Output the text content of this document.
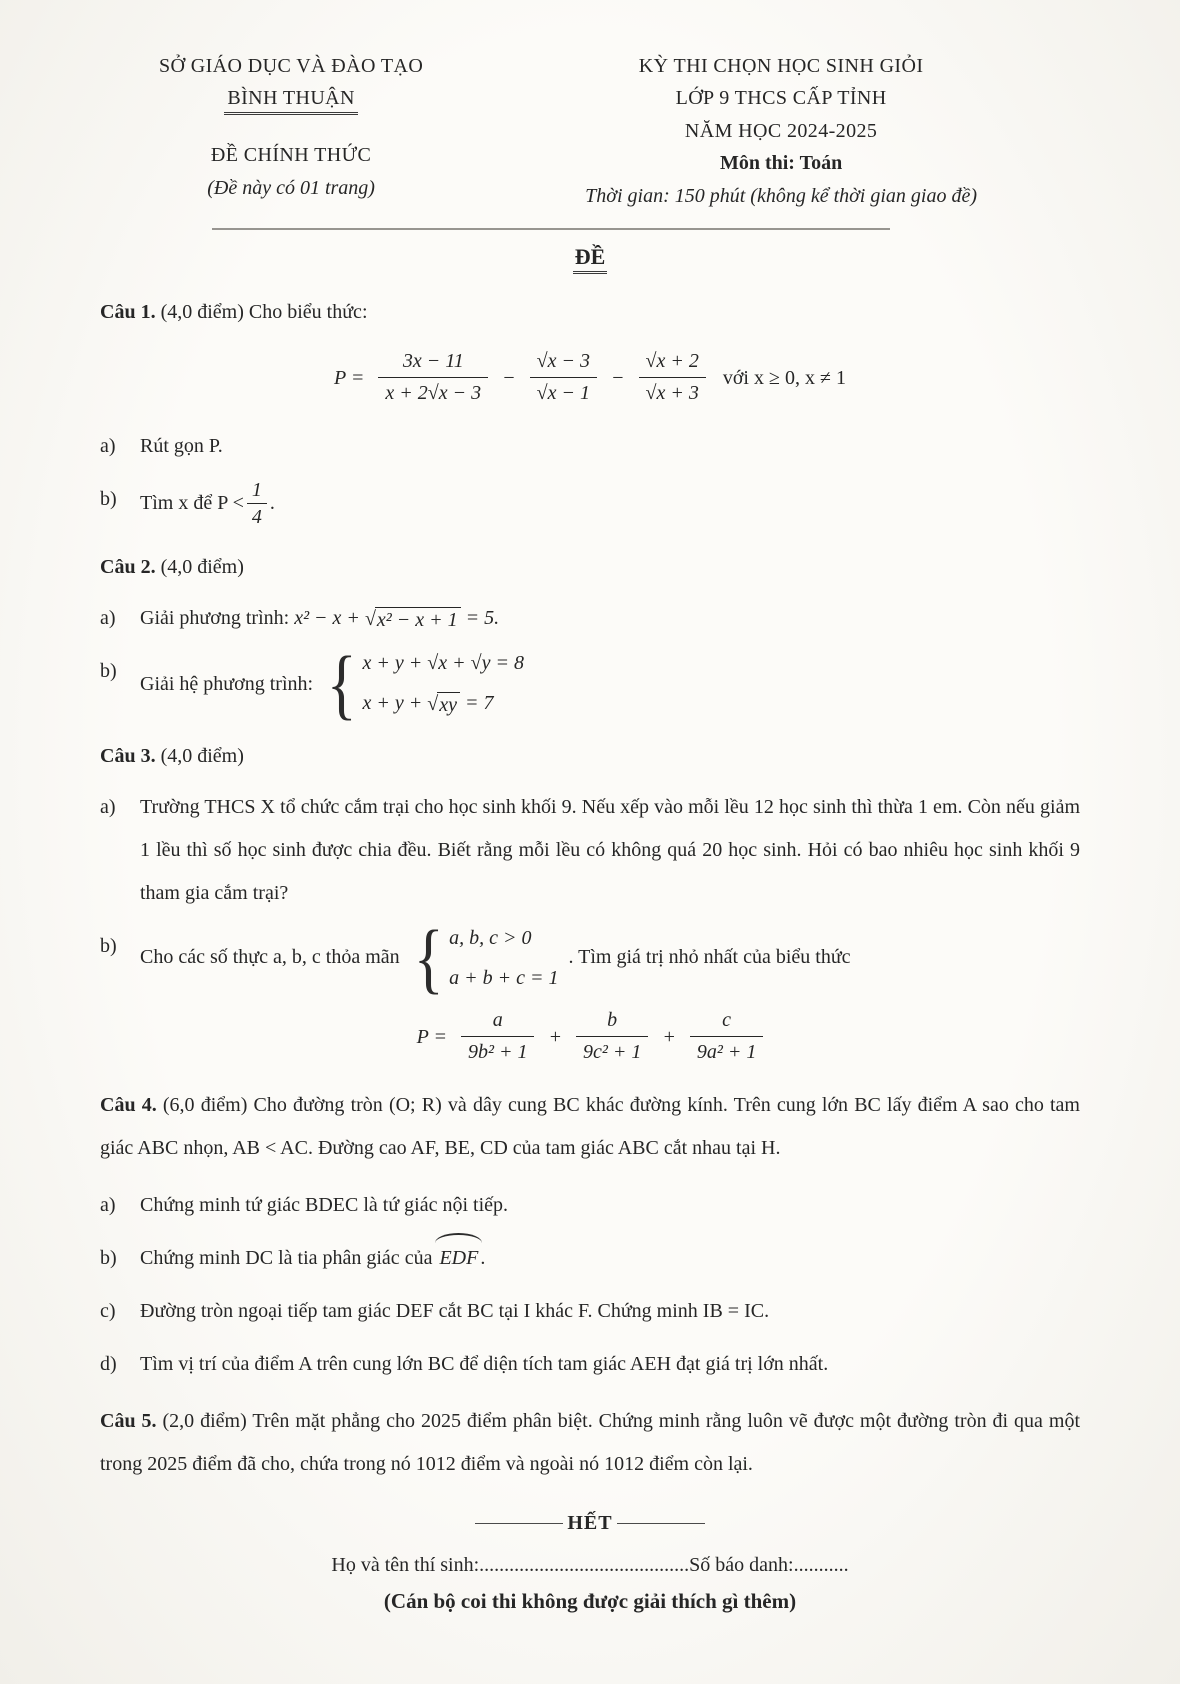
SỞ GIÁO DỤC VÀ ĐÀO TẠO
BÌNH THUẬN
ĐỀ CHÍNH THỨC
(Đề này có 01 trang)
KỲ THI CHỌN HỌC SINH GIỎI
LỚP 9 THCS CẤP TỈNH
NĂM HỌC 2024-2025
Môn thi: Toán
Thời gian: 150 phút (không kể thời gian giao đề)
ĐỀ
Câu 1. (4,0 điểm) Cho biểu thức:
$P = \frac{3x - 11}{x + 2√x - 3} - \frac{√x - 3}{√x - 1} - \frac{√x + 2}{√x + 3}$ với x ≥ 0, x ≠ 1
a)	Rút gọn P.
b)	Tìm x để $P < \frac{1}{4}$ .
Câu 2. (4,0 điểm)
a)	Giải phương trình: x² − x + √ x² − x + 1 = 5.
b)
Giải hệ phương trình: { x + y + √x + √y = 8
x + y + √ xy = 7
Câu 3. (4,0 điểm)
a)	Trường THCS X tổ chức cắm trại cho học sinh khối 9. Nếu xếp vào mỗi lều 12 học sinh thì thừa 1 em. Còn nếu giảm 1 lều thì số học sinh được chia đều. Biết rằng mỗi lều có không quá 20 học sinh. Hỏi có bao nhiêu học sinh khối 9 tham gia cắm trại?
b)
Cho các số thực a, b, c thỏa mãn { a, b, c > 0
a + b + c = 1
. Tìm giá trị nhỏ nhất của biểu thức
$P = \frac{a}{\text{9b² + 1}} + \frac{b}{\text{9c² + 1}} + \frac{c}{\text{9a² + 1}}$

Câu 4. (6,0 điểm) Cho đường tròn (O; R) và dây cung BC khác đường kính. Trên cung lớn BC lấy điểm A sao cho tam giác ABC nhọn, AB < AC. Đường cao AF, BE, CD của tam giác ABC cắt nhau tại H.

a)	Chứng minh tứ giác BDEC là tứ giác nội tiếp.
b)	Chứng minh DC là tia phân giác của EDF .
c)	Đường tròn ngoại tiếp tam giác DEF cắt BC tại I khác F. Chứng minh IB = IC.
d)	Tìm vị trí của điểm A trên cung lớn BC để diện tích tam giác AEH đạt giá trị lớn nhất.

Câu 5. (2,0 điểm) Trên mặt phẳng cho 2025 điểm phân biệt. Chứng minh rằng luôn vẽ được một đường tròn đi qua một trong 2025 điểm đã cho, chứa trong nó 1012 điểm và ngoài nó 1012 điểm còn lại.

HẾT
Họ và tên thí sinh:..........................................Số báo danh:...........
(Cán bộ coi thi không được giải thích gì thêm)
